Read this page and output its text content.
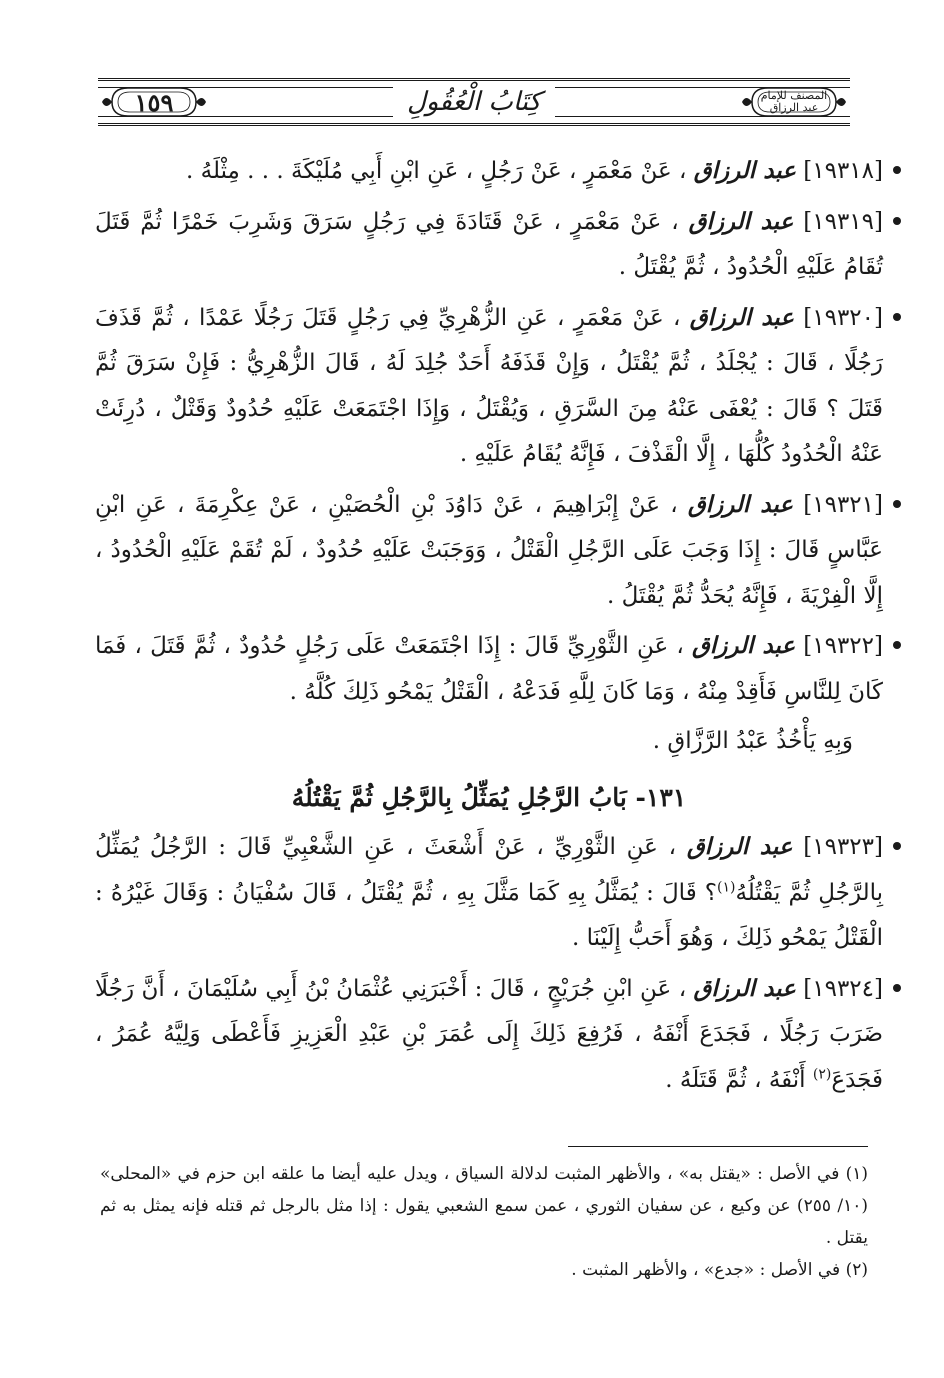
١٥٩	كِتَابُ الْعُقُولِ	المصنف للإمام عبد الرزاق

[١٩٣١٨] عبد الرزاق ، عَنْ مَعْمَرٍ ، عَنْ رَجُلٍ ، عَنِ ابْنِ أَبِي مُلَيْكَةَ . . . مِثْلَهُ .

[١٩٣١٩] عبد الرزاق ، عَنْ مَعْمَرٍ ، عَنْ قَتَادَةَ فِي رَجُلٍ سَرَقَ وَشَرِبَ خَمْرًا ثُمَّ قَتَلَ تُقَامُ عَلَيْهِ الْحُدُودُ ، ثُمَّ يُقْتَلُ .

[١٩٣٢٠] عبد الرزاق ، عَنْ مَعْمَرٍ ، عَنِ الزُّهْرِيِّ فِي رَجُلٍ قَتَلَ رَجُلًا عَمْدًا ، ثُمَّ قَذَفَ رَجُلًا ، قَالَ : يُجْلَدُ ، ثُمَّ يُقْتَلُ ، وَإِنْ قَذَفَهُ أَحَدٌ جُلِدَ لَهُ ، قَالَ الزُّهْرِيُّ : فَإِنْ سَرَقَ ثُمَّ قَتَلَ ؟ قَالَ : يُعْفَى عَنْهُ مِنَ السَّرَقِ ، وَيُقْتَلُ ، وَإِذَا اجْتَمَعَتْ عَلَيْهِ حُدُودٌ وَقَتْلٌ ، دُرِئَتْ عَنْهُ الْحُدُودُ كُلُّهَا ، إِلَّا الْقَذْفَ ، فَإِنَّهُ يُقَامُ عَلَيْهِ .

[١٩٣٢١] عبد الرزاق ، عَنْ إِبْرَاهِيمَ ، عَنْ دَاوُدَ بْنِ الْحُصَيْنِ ، عَنْ عِكْرِمَةَ ، عَنِ ابْنِ عَبَّاسٍ قَالَ : إِذَا وَجَبَ عَلَى الرَّجُلِ الْقَتْلُ ، وَوَجَبَتْ عَلَيْهِ حُدُودٌ ، لَمْ تُقَمْ عَلَيْهِ الْحُدُودُ ، إِلَّا الْفِرْيَةَ ، فَإِنَّهُ يُحَدُّ ثُمَّ يُقْتَلُ .

[١٩٣٢٢] عبد الرزاق ، عَنِ الثَّوْرِيِّ قَالَ : إِذَا اجْتَمَعَتْ عَلَى رَجُلٍ حُدُودٌ ، ثُمَّ قَتَلَ ، فَمَا كَانَ لِلنَّاسِ فَأَقِدْ مِنْهُ ، وَمَا كَانَ لِلَّهِ فَدَعْهُ ، الْقَتْلُ يَمْحُو ذَلِكَ كُلَّهُ .

وَبِهِ يَأْخُذُ عَبْدُ الرَّزَّاقِ .

١٣١- بَابُ الرَّجُلِ يُمَثِّلُ بِالرَّجُلِ ثُمَّ يَقْتُلُهُ

[١٩٣٢٣] عبد الرزاق ، عَنِ الثَّوْرِيِّ ، عَنْ أَشْعَثَ ، عَنِ الشَّعْبِيِّ قَالَ : الرَّجُلُ يُمَثِّلُ بِالرَّجُلِ ثُمَّ يَقْتُلُهُ$^{(١)}$؟ قَالَ : يُمَثَّلُ بِهِ كَمَا مَثَّلَ بِهِ ، ثُمَّ يُقْتَلُ ، قَالَ سُفْيَانُ : وَقَالَ غَيْرُهُ : الْقَتْلُ يَمْحُو ذَلِكَ ، وَهُوَ أَحَبُّ إِلَيْنَا .

[١٩٣٢٤] عبد الرزاق ، عَنِ ابْنِ جُرَيْجٍ ، قَالَ : أَخْبَرَنِي عُثْمَانُ بْنُ أَبِي سُلَيْمَانَ ، أَنَّ رَجُلًا ضَرَبَ رَجُلًا ، فَجَدَعَ أَنْفَهُ ، فَرُفِعَ ذَلِكَ إِلَى عُمَرَ بْنِ عَبْدِ الْعَزِيزِ فَأَعْطَى وَلِيَّهُ عُمَرُ ، فَجَدَعَ$^{(٢)}$ أَنْفَهُ ، ثُمَّ قَتَلَهُ .

(١) في الأصل : «يقتل به» ، والأظهر المثبت لدلالة السياق ، ويدل عليه أيضا ما علقه ابن حزم في «المحلى» (١٠/ ٢٥٥) عن وكيع ، عن سفيان الثوري ، عمن سمع الشعبي يقول : إذا مثل بالرجل ثم قتله فإنه يمثل به ثم يقتل .

(٢) في الأصل : «جدع» ، والأظهر المثبت .
